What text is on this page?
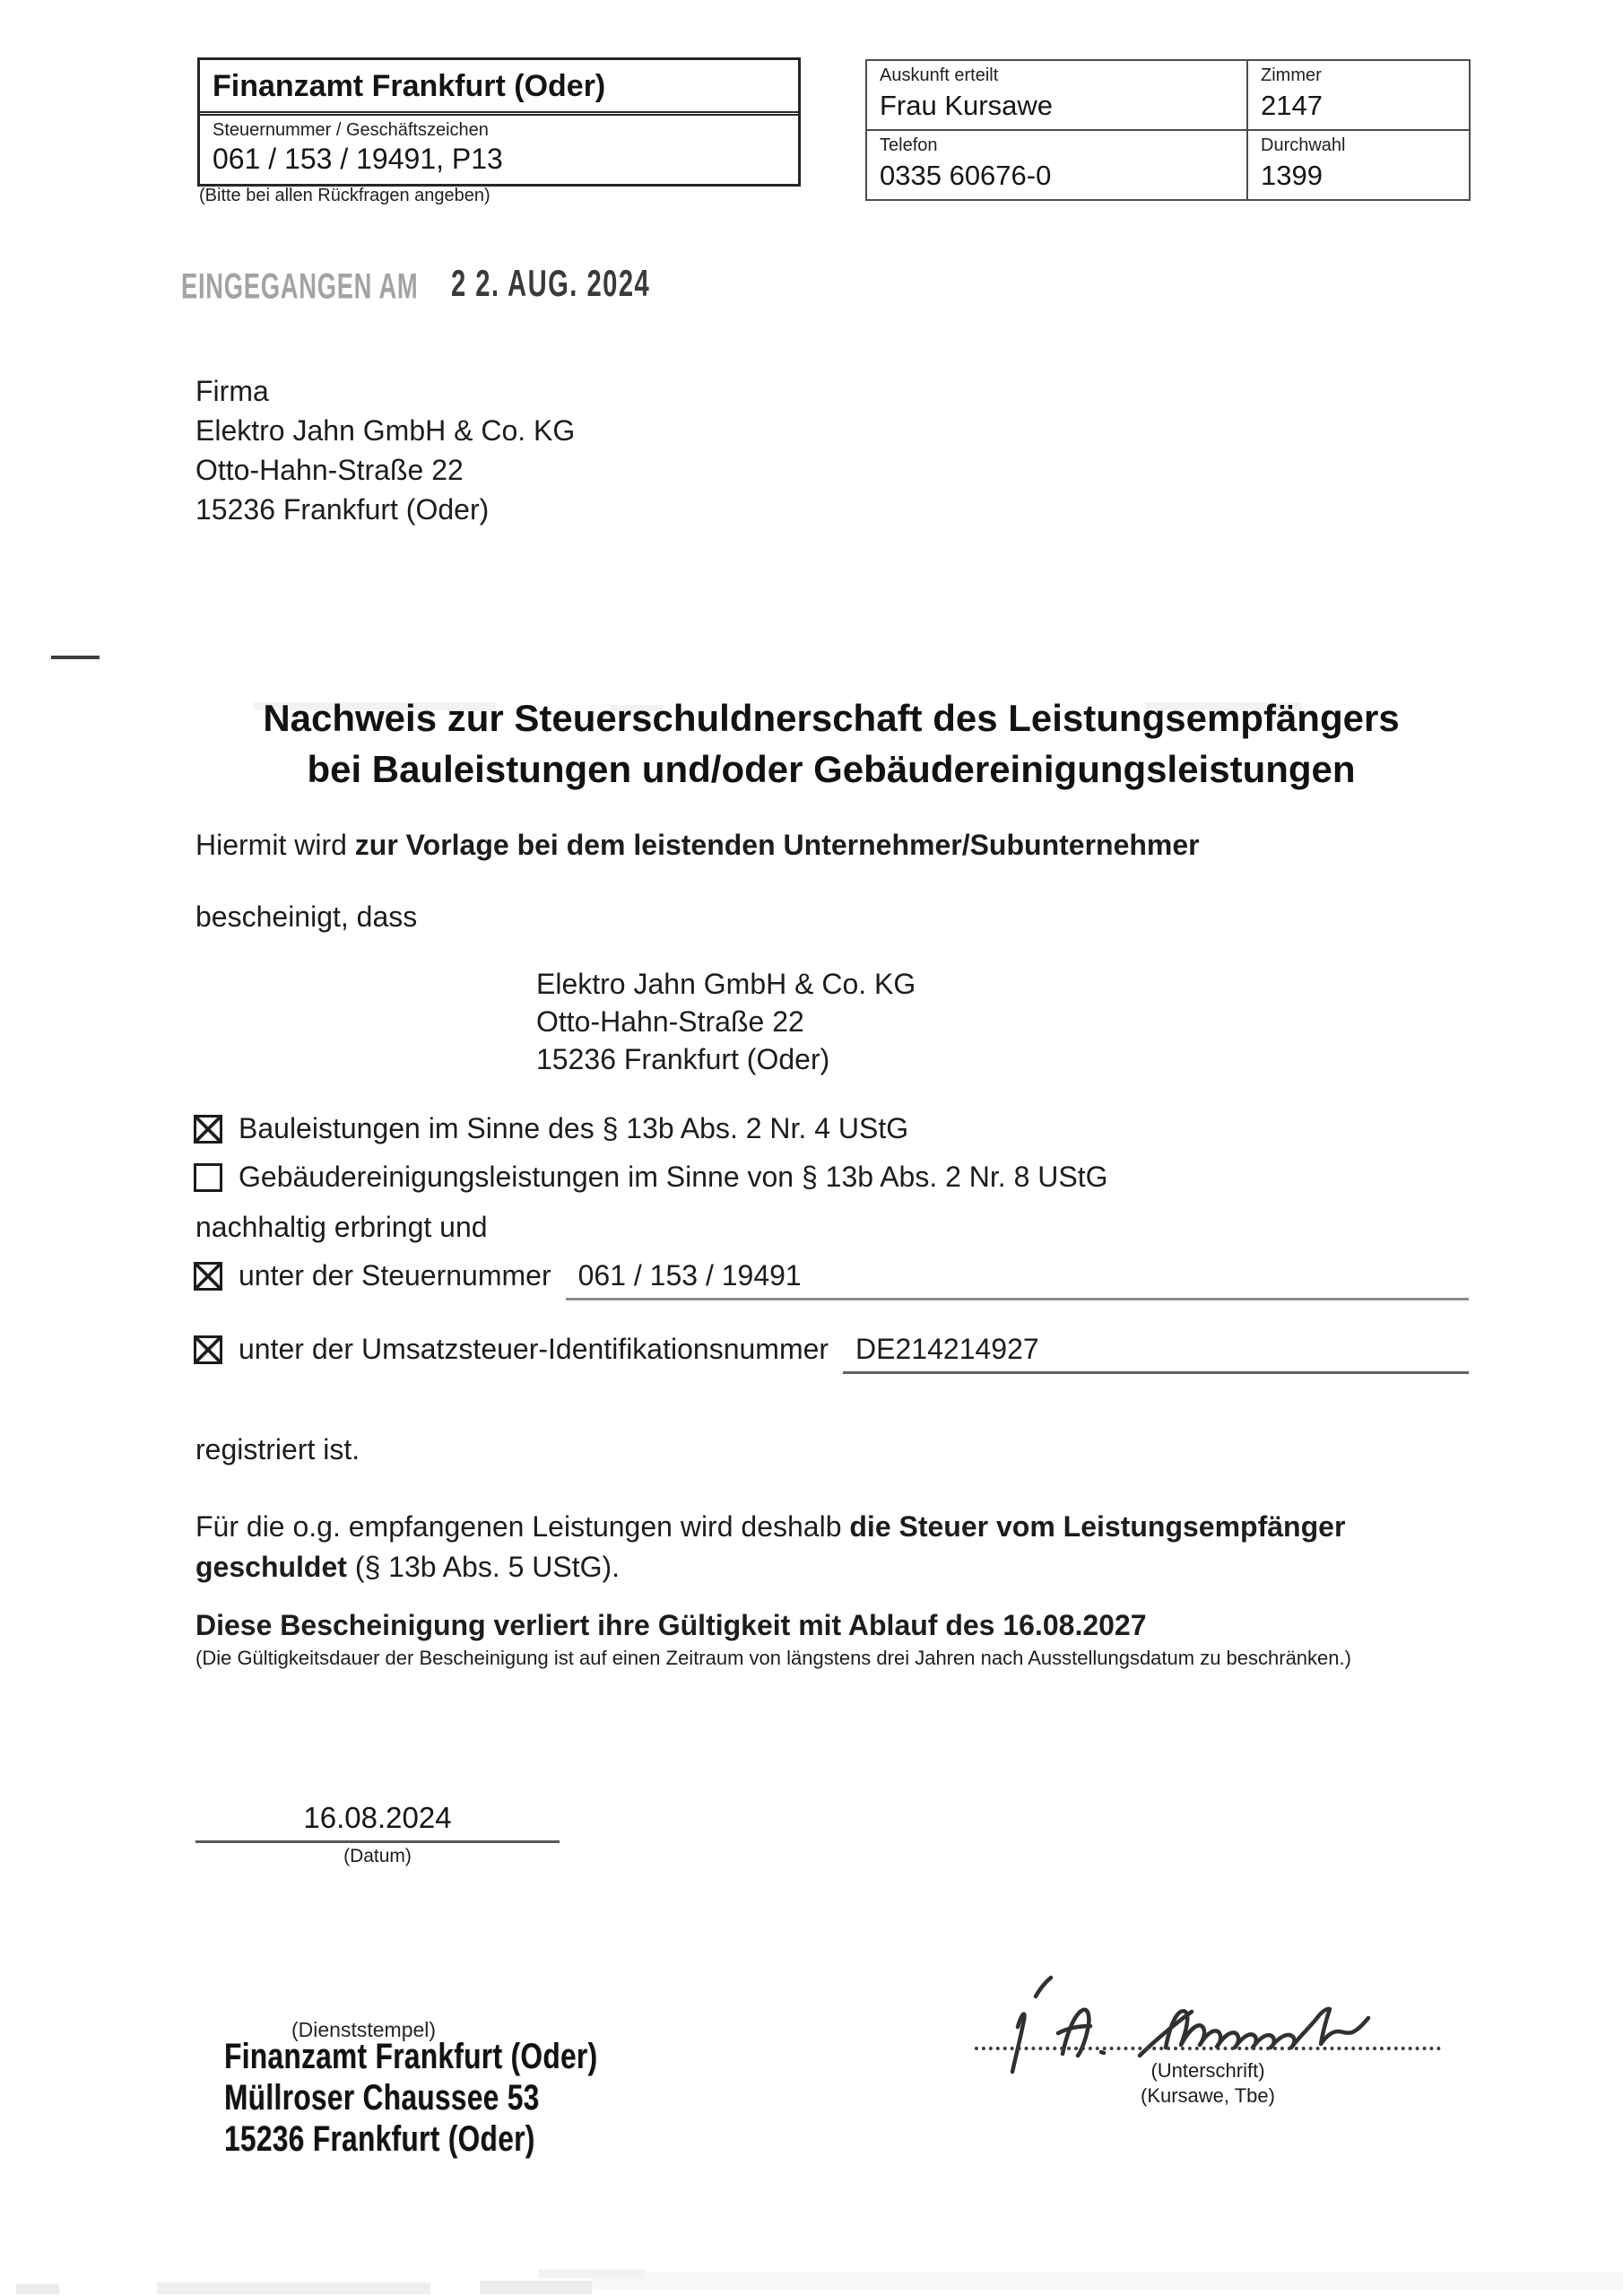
Finanzamt Frankfurt (Oder)
Steuernummer / Geschäftszeichen
061 / 153 / 19491, P13
(Bitte bei allen Rückfragen angeben)
Auskunft erteilt
Frau Kursawe
Zimmer
2147
Telefon
0335 60676-0
Durchwahl
1399
EINGEGANGEN AM 2 2. AUG. 2024
Firma
Elektro Jahn GmbH & Co. KG
Otto-Hahn-Straße 22
15236 Frankfurt (Oder)
Nachweis zur Steuerschuldnerschaft des Leistungsempfängers
bei Bauleistungen und/oder Gebäudereinigungsleistungen
Hiermit wird zur Vorlage bei dem leistenden Unternehmer/Subunternehmer
bescheinigt, dass
Elektro Jahn GmbH & Co. KG
Otto-Hahn-Straße 22
15236 Frankfurt (Oder)
Bauleistungen im Sinne des § 13b Abs. 2 Nr. 4 UStG
Gebäudereinigungsleistungen im Sinne von § 13b Abs. 2 Nr. 8 UStG
nachhaltig erbringt und
unter der Steuernummer 061 / 153 / 19491
unter der Umsatzsteuer-Identifikationsnummer DE214214927
registriert ist.
Für die o.g. empfangenen Leistungen wird deshalb die Steuer vom Leistungsempfänger geschuldet (§ 13b Abs. 5 UStG).
Diese Bescheinigung verliert ihre Gültigkeit mit Ablauf des 16.08.2027
(Die Gültigkeitsdauer der Bescheinigung ist auf einen Zeitraum von längstens drei Jahren nach Ausstellungsdatum zu beschränken.)
16.08.2024
(Datum)
(Dienststempel)
Finanzamt Frankfurt (Oder)
Müllroser Chaussee 53
15236 Frankfurt (Oder)
(Unterschrift)
(Kursawe, Tbe)
